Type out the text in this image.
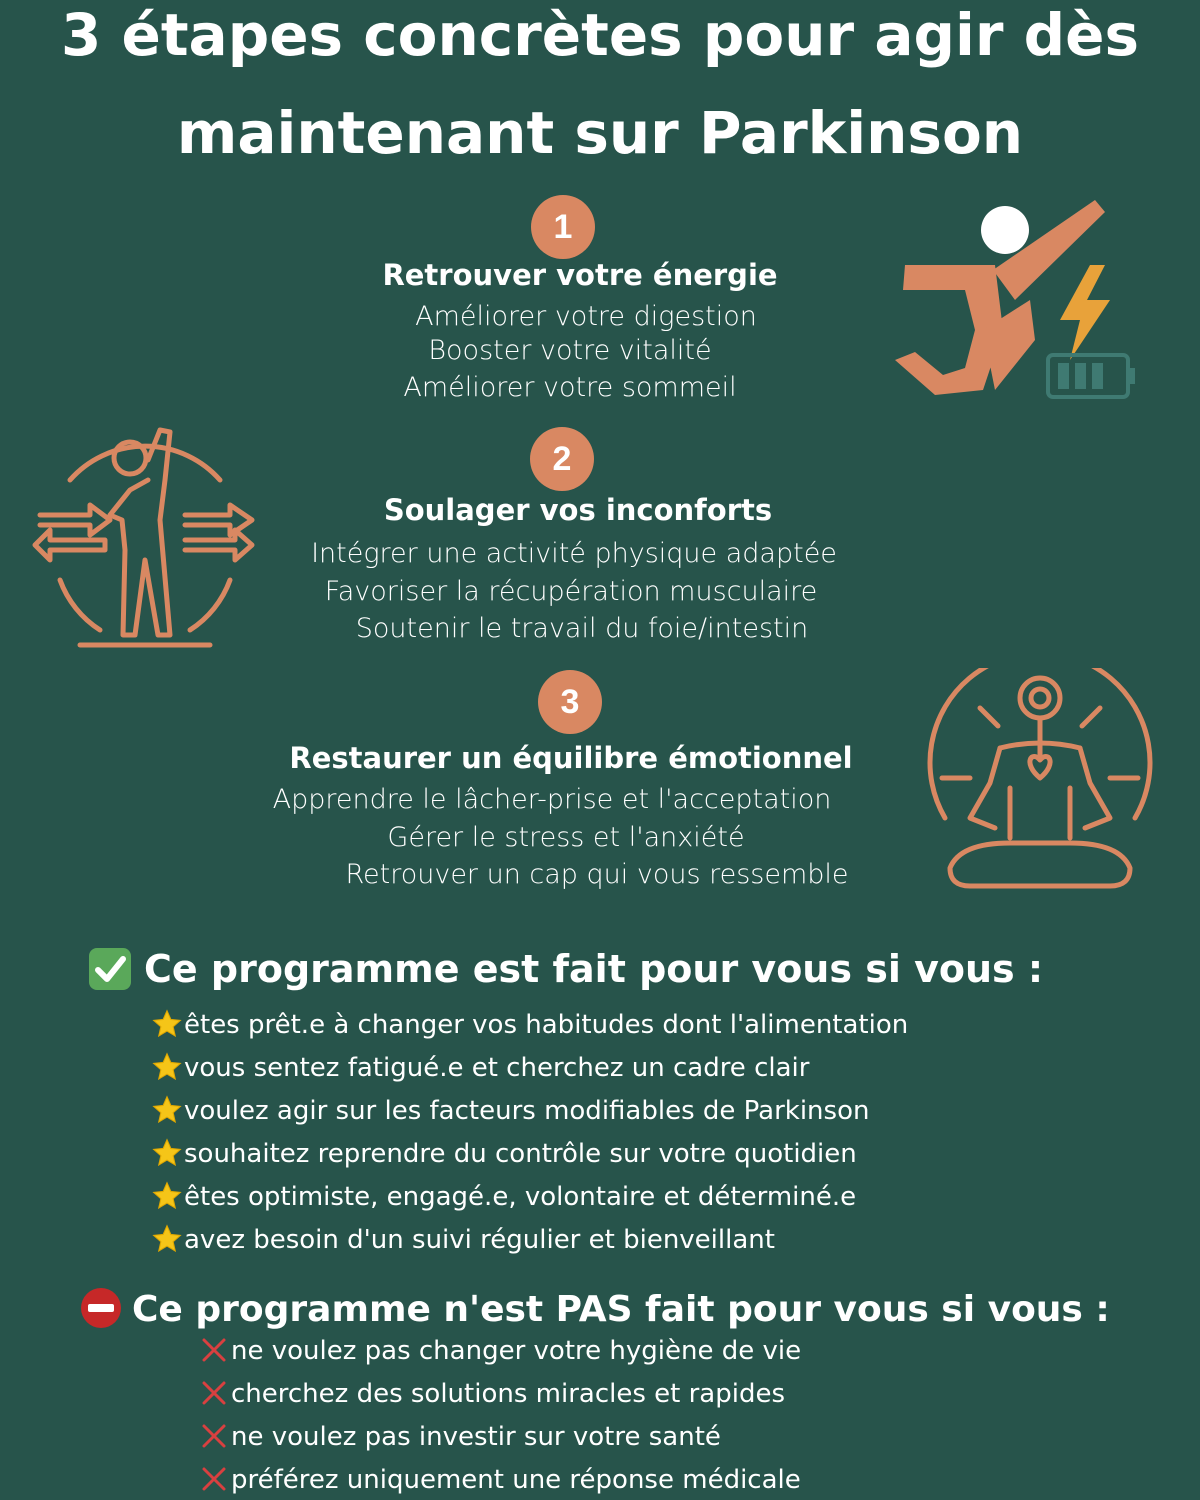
3 étapes concrètes pour agir dès
maintenant sur Parkinson
1
Retrouver votre énergie
Améliorer votre digestion
Booster votre vitalité
Améliorer votre sommeil
2
Soulager vos inconforts
Intégrer une activité physique adaptée
Favoriser la récupération musculaire
Soutenir le travail du foie/intestin
3
Restaurer un équilibre émotionnel
Apprendre le lâcher-prise et l'acceptation
Gérer le stress et l'anxiété
Retrouver un cap qui vous ressemble
Ce programme est fait pour vous si vous :
êtes prêt.e à changer vos habitudes dont l'alimentation
vous sentez fatigué.e et cherchez un cadre clair
voulez agir sur les facteurs modifiables de Parkinson
souhaitez reprendre du contrôle sur votre quotidien
êtes optimiste, engagé.e, volontaire et déterminé.e
avez besoin d'un suivi régulier et bienveillant
Ce programme n'est PAS fait pour vous si vous :
ne voulez pas changer votre hygiène de vie
cherchez des solutions miracles et rapides
ne voulez pas investir sur votre santé
préférez uniquement une réponse médicale
